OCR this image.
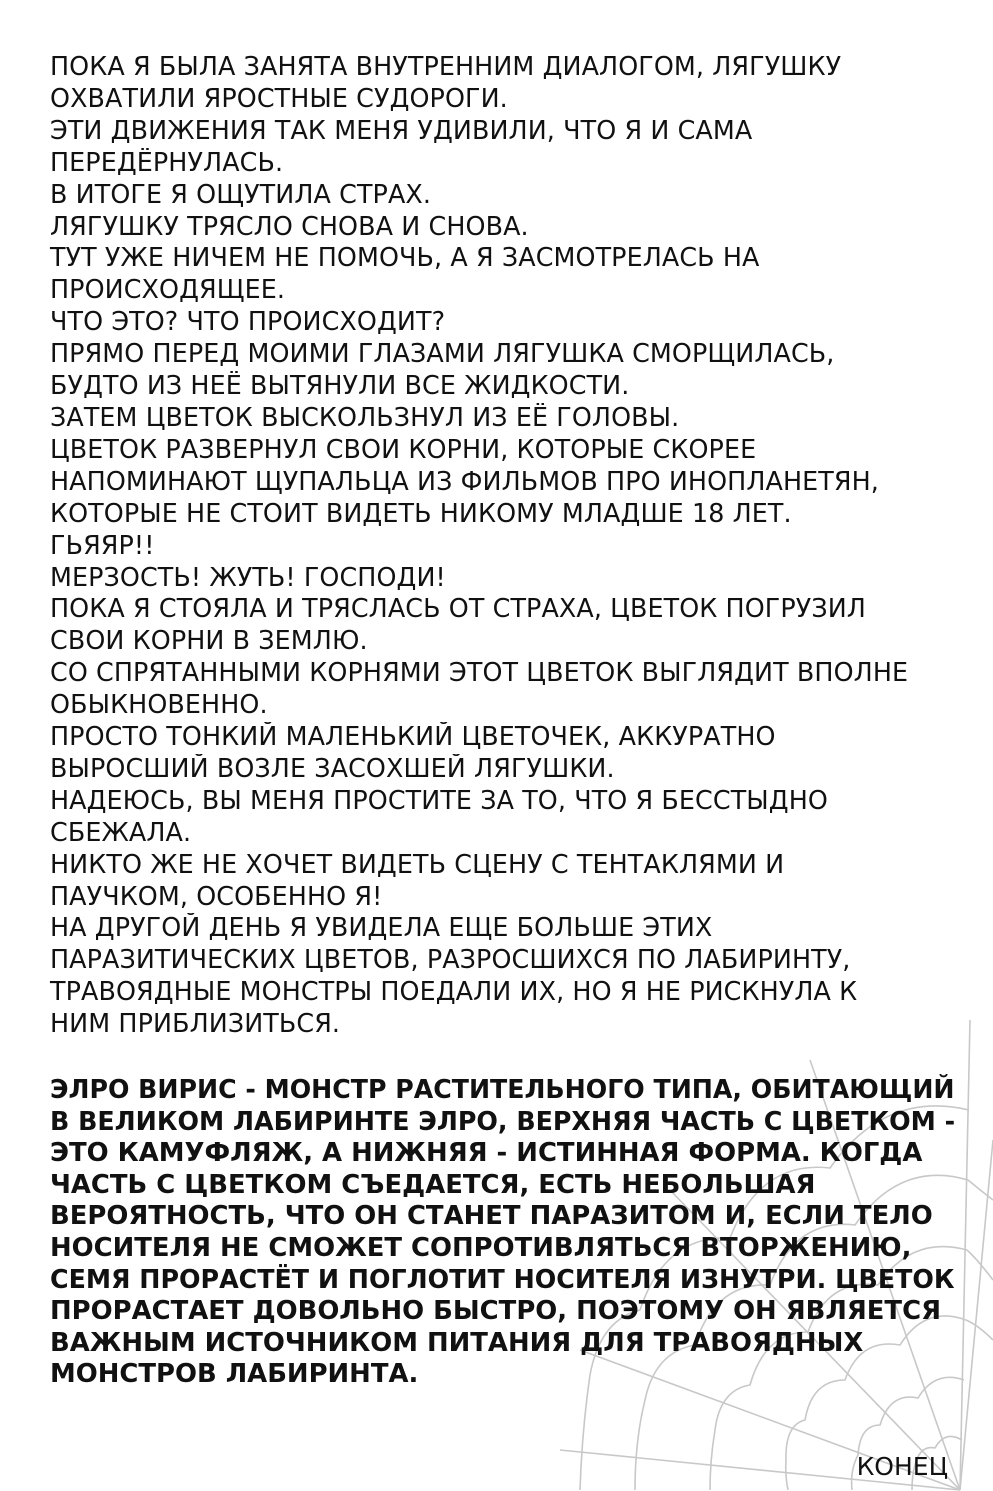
ПОКА Я БЫЛА ЗАНЯТА ВНУТРЕННИМ ДИАЛОГОМ, ЛЯГУШКУ
ОХВАТИЛИ ЯРОСТНЫЕ СУДОРОГИ.
ЭТИ ДВИЖЕНИЯ ТАК МЕНЯ УДИВИЛИ, ЧТО Я И САМА
ПЕРЕДЁРНУЛАСЬ.
В ИТОГЕ Я ОЩУТИЛА СТРАХ.
ЛЯГУШКУ ТРЯСЛО СНОВА И СНОВА.
ТУТ УЖЕ НИЧЕМ НЕ ПОМОЧЬ, А Я ЗАСМОТРЕЛАСЬ НА
ПРОИСХОДЯЩЕЕ.
ЧТО ЭТО? ЧТО ПРОИСХОДИТ?
ПРЯМО ПЕРЕД МОИМИ ГЛАЗАМИ ЛЯГУШКА СМОРЩИЛАСЬ,
БУДТО ИЗ НЕЁ ВЫТЯНУЛИ ВСЕ ЖИДКОСТИ.
ЗАТЕМ ЦВЕТОК ВЫСКОЛЬЗНУЛ ИЗ ЕЁ ГОЛОВЫ.
ЦВЕТОК РАЗВЕРНУЛ СВОИ КОРНИ, КОТОРЫЕ СКОРЕЕ
НАПОМИНАЮТ ЩУПАЛЬЦА ИЗ ФИЛЬМОВ ПРО ИНОПЛАНЕТЯН,
КОТОРЫЕ НЕ СТОИТ ВИДЕТЬ НИКОМУ МЛАДШЕ 18 ЛЕТ.
ГЬЯЯР!!
МЕРЗОСТЬ! ЖУТЬ! ГОСПОДИ!
ПОКА Я СТОЯЛА И ТРЯСЛАСЬ ОТ СТРАХА, ЦВЕТОК ПОГРУЗИЛ
СВОИ КОРНИ В ЗЕМЛЮ.
СО СПРЯТАННЫМИ КОРНЯМИ ЭТОТ ЦВЕТОК ВЫГЛЯДИТ ВПОЛНЕ
ОБЫКНОВЕННО.
ПРОСТО ТОНКИЙ МАЛЕНЬКИЙ ЦВЕТОЧЕК, АККУРАТНО
ВЫРОСШИЙ ВОЗЛЕ ЗАСОХШЕЙ ЛЯГУШКИ.
НАДЕЮСЬ, ВЫ МЕНЯ ПРОСТИТЕ ЗА ТО, ЧТО Я БЕССТЫДНО
СБЕЖАЛА.
НИКТО ЖЕ НЕ ХОЧЕТ ВИДЕТЬ СЦЕНУ С ТЕНТАКЛЯМИ И
ПАУЧКОМ, ОСОБЕННО Я!
НА ДРУГОЙ ДЕНЬ Я УВИДЕЛА ЕЩЕ БОЛЬШЕ ЭТИХ
ПАРАЗИТИЧЕСКИХ ЦВЕТОВ, РАЗРОСШИХСЯ ПО ЛАБИРИНТУ,
ТРАВОЯДНЫЕ МОНСТРЫ ПОЕДАЛИ ИХ, НО Я НЕ РИСКНУЛА К
НИМ ПРИБЛИЗИТЬСЯ.
ЭЛРО ВИРИС - МОНСТР РАСТИТЕЛЬНОГО ТИПА, ОБИТАЮЩИЙ
В ВЕЛИКОМ ЛАБИРИНТЕ ЭЛРО, ВЕРХНЯЯ ЧАСТЬ С ЦВЕТКОМ -
ЭТО КАМУФЛЯЖ, А НИЖНЯЯ - ИСТИННАЯ ФОРМА. КОГДА
ЧАСТЬ С ЦВЕТКОМ СЪЕДАЕТСЯ, ЕСТЬ НЕБОЛЬШАЯ
ВЕРОЯТНОСТЬ, ЧТО ОН СТАНЕТ ПАРАЗИТОМ И, ЕСЛИ ТЕЛО
НОСИТЕЛЯ НЕ СМОЖЕТ СОПРОТИВЛЯТЬСЯ ВТОРЖЕНИЮ,
СЕМЯ ПРОРАСТЁТ И ПОГЛОТИТ НОСИТЕЛЯ ИЗНУТРИ. ЦВЕТОК
ПРОРАСТАЕТ ДОВОЛЬНО БЫСТРО, ПОЭТОМУ ОН ЯВЛЯЕТСЯ
ВАЖНЫМ ИСТОЧНИКОМ ПИТАНИЯ ДЛЯ ТРАВОЯДНЫХ
МОНСТРОВ ЛАБИРИНТА.
КОНЕЦ
